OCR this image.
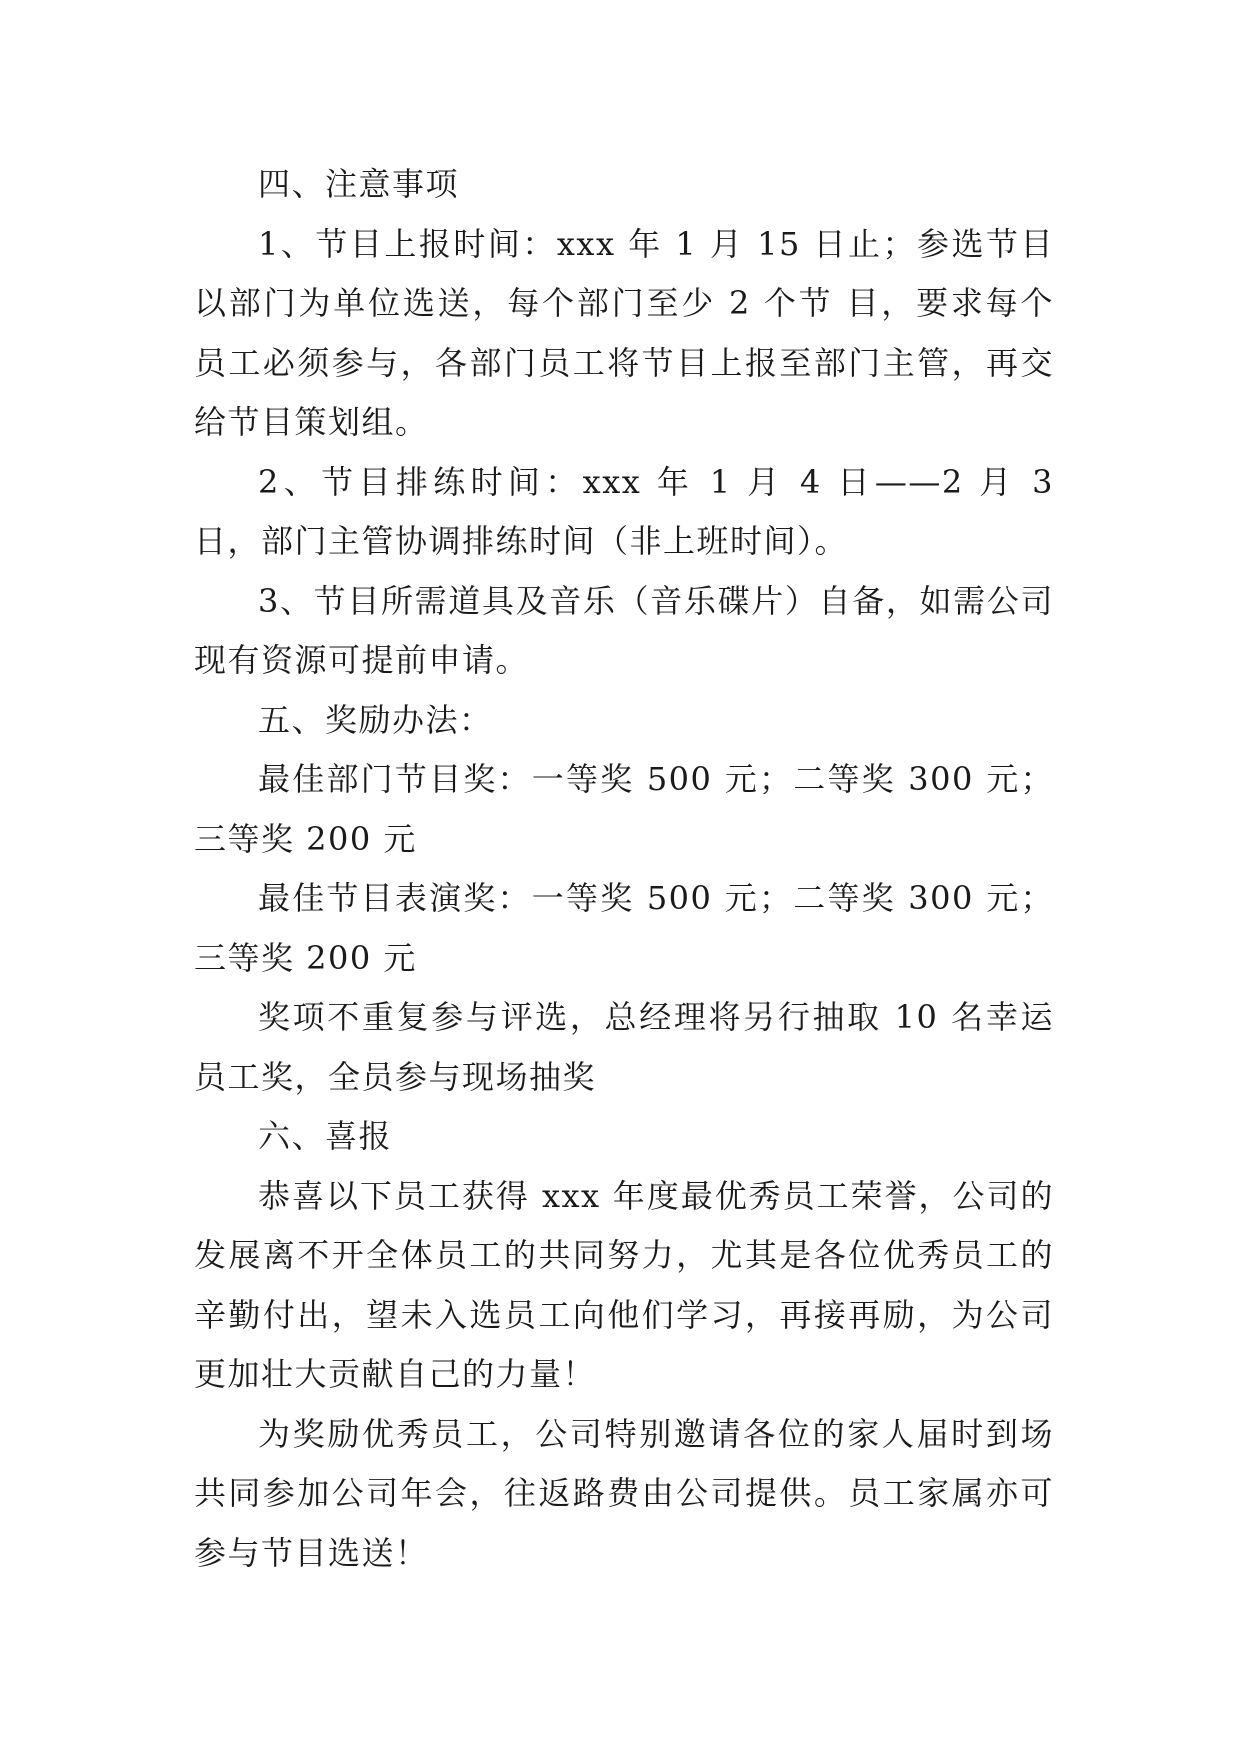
四、注意事项

1、节目上报时间：xxx 年 1 月 15 日止；参选节目以部门为单位选送，每个部门至少 2 个节 目，要求每个员工必须参与，各部门员工将节目上报至部门主管，再交给节目策划组。

2、节目排练时间：xxx 年 1 月 4 日——2 月 3 日，部门主管协调排练时间（非上班时间）。

3、节目所需道具及音乐（音乐碟片）自备，如需公司现有资源可提前申请。

五、奖励办法：

最佳部门节目奖：一等奖 500 元；二等奖 300 元；三等奖 200 元

最佳节目表演奖：一等奖 500 元；二等奖 300 元；三等奖 200 元

奖项不重复参与评选，总经理将另行抽取 10 名幸运员工奖，全员参与现场抽奖

六、喜报

恭喜以下员工获得 xxx 年度最优秀员工荣誉，公司的发展离不开全体员工的共同努力，尤其是各位优秀员工的辛勤付出，望未入选员工向他们学习，再接再励，为公司更加壮大贡献自己的力量！

为奖励优秀员工，公司特别邀请各位的家人届时到场共同参加公司年会，往返路费由公司提供。员工家属亦可参与节目选送！
